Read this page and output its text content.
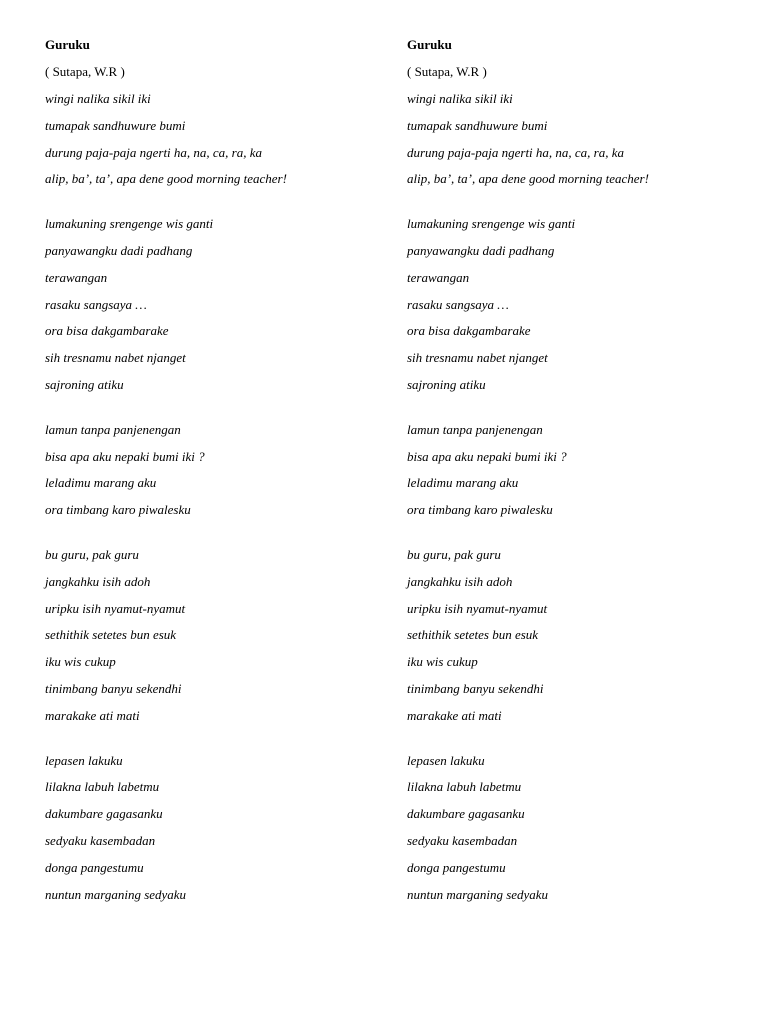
Guruku
( Sutapa, W.R )
wingi nalika sikil iki
tumapak sandhuwure bumi
durung paja-paja ngerti ha, na, ca, ra, ka
alip, ba’, ta’, apa dene good morning teacher!
lumakuning srengenge wis ganti
panyawangku dadi padhang
terawangan
rasaku sangsaya …
ora bisa dakgambarake
sih tresnamu nabet njanget
sajroning atiku
lamun tanpa panjenengan
bisa apa aku nepaki bumi iki ?
leladimu marang aku
ora timbang karo piwalesku
bu guru, pak guru
jangkahku isih adoh
uripku isih nyamut-nyamut
sethithik setetes bun esuk
iku wis cukup
tinimbang banyu sekendhi
marakake ati mati
lepasen lakuku
lilakna labuh labetmu
dakumbare gagasanku
sedyaku kasembadan
donga pangestumu
nuntun marganing sedyaku
Guruku
( Sutapa, W.R )
wingi nalika sikil iki
tumapak sandhuwure bumi
durung paja-paja ngerti ha, na, ca, ra, ka
alip, ba’, ta’, apa dene good morning teacher!
lumakuning srengenge wis ganti
panyawangku dadi padhang
terawangan
rasaku sangsaya …
ora bisa dakgambarake
sih tresnamu nabet njanget
sajroning atiku
lamun tanpa panjenengan
bisa apa aku nepaki bumi iki ?
leladimu marang aku
ora timbang karo piwalesku
bu guru, pak guru
jangkahku isih adoh
uripku isih nyamut-nyamut
sethithik setetes bun esuk
iku wis cukup
tinimbang banyu sekendhi
marakake ati mati
lepasen lakuku
lilakna labuh labetmu
dakumbare gagasanku
sedyaku kasembadan
donga pangestumu
nuntun marganing sedyaku
